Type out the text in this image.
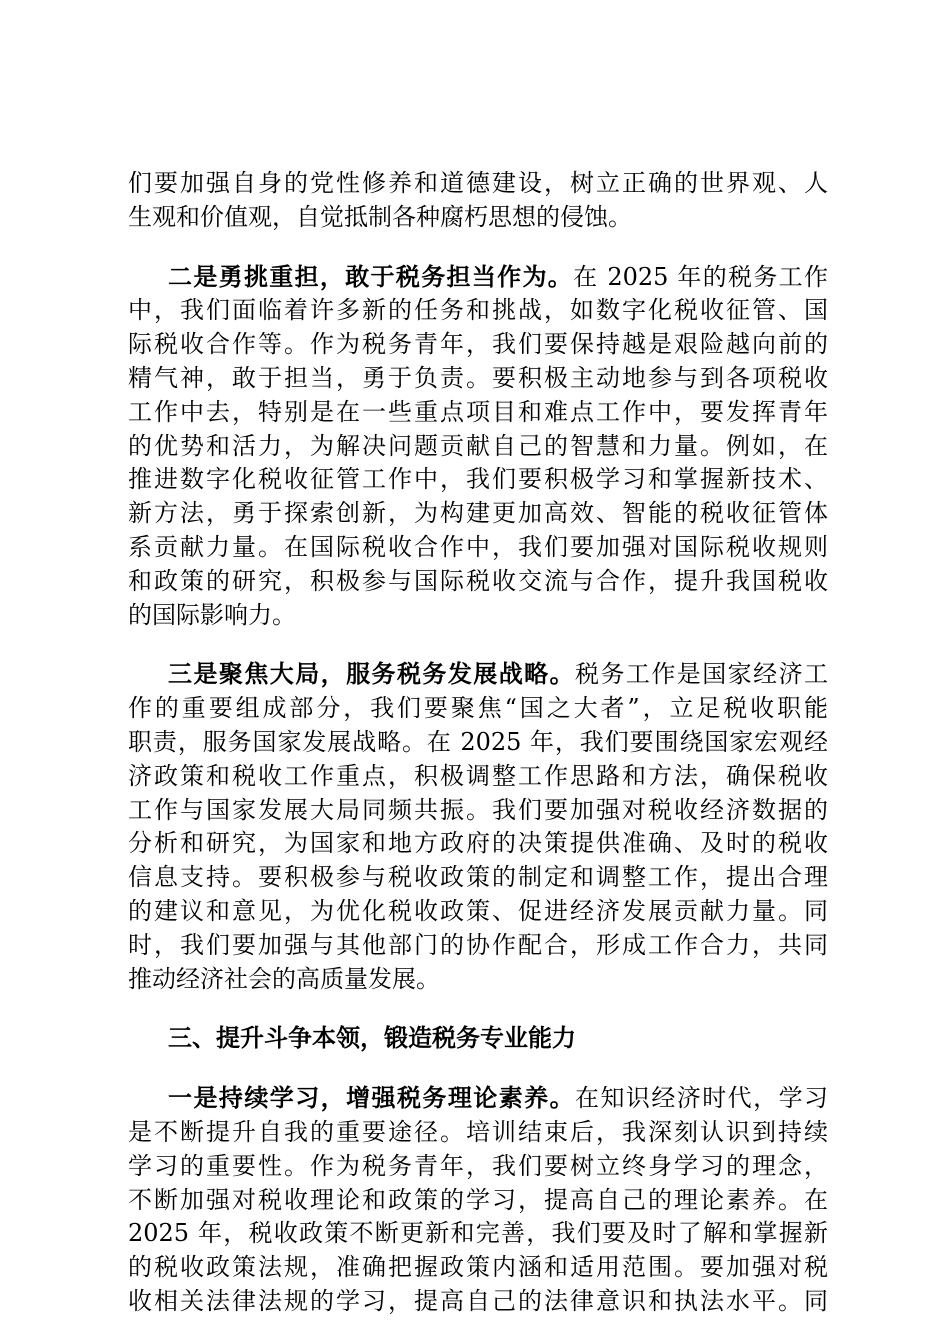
们要加强自身的党性修养和道德建设，树立正确的世界观、人
生观和价值观，自觉抵制各种腐朽思想的侵蚀。
二是勇挑重担，敢于税务担当作为。在 2025 年的税务工作
中，我们面临着许多新的任务和挑战，如数字化税收征管、国
际税收合作等。作为税务青年，我们要保持越是艰险越向前的
精气神，敢于担当，勇于负责。要积极主动地参与到各项税收
工作中去，特别是在一些重点项目和难点工作中，要发挥青年
的优势和活力，为解决问题贡献自己的智慧和力量。例如，在
推进数字化税收征管工作中，我们要积极学习和掌握新技术、
新方法，勇于探索创新，为构建更加高效、智能的税收征管体
系贡献力量。在国际税收合作中，我们要加强对国际税收规则
和政策的研究，积极参与国际税收交流与合作，提升我国税收
的国际影响力。
三是聚焦大局，服务税务发展战略。税务工作是国家经济工
作的重要组成部分，我们要聚焦“国之大者”，立足税收职能
职责，服务国家发展战略。在 2025 年，我们要围绕国家宏观经
济政策和税收工作重点，积极调整工作思路和方法，确保税收
工作与国家发展大局同频共振。我们要加强对税收经济数据的
分析和研究，为国家和地方政府的决策提供准确、及时的税收
信息支持。要积极参与税收政策的制定和调整工作，提出合理
的建议和意见，为优化税收政策、促进经济发展贡献力量。同
时，我们要加强与其他部门的协作配合，形成工作合力，共同
推动经济社会的高质量发展。
三、提升斗争本领，锻造税务专业能力
一是持续学习，增强税务理论素养。在知识经济时代，学习
是不断提升自我的重要途径。培训结束后，我深刻认识到持续
学习的重要性。作为税务青年，我们要树立终身学习的理念，
不断加强对税收理论和政策的学习，提高自己的理论素养。在
2025 年，税收政策不断更新和完善，我们要及时了解和掌握新
的税收政策法规，准确把握政策内涵和适用范围。要加强对税
收相关法律法规的学习，提高自己的法律意识和执法水平。同
